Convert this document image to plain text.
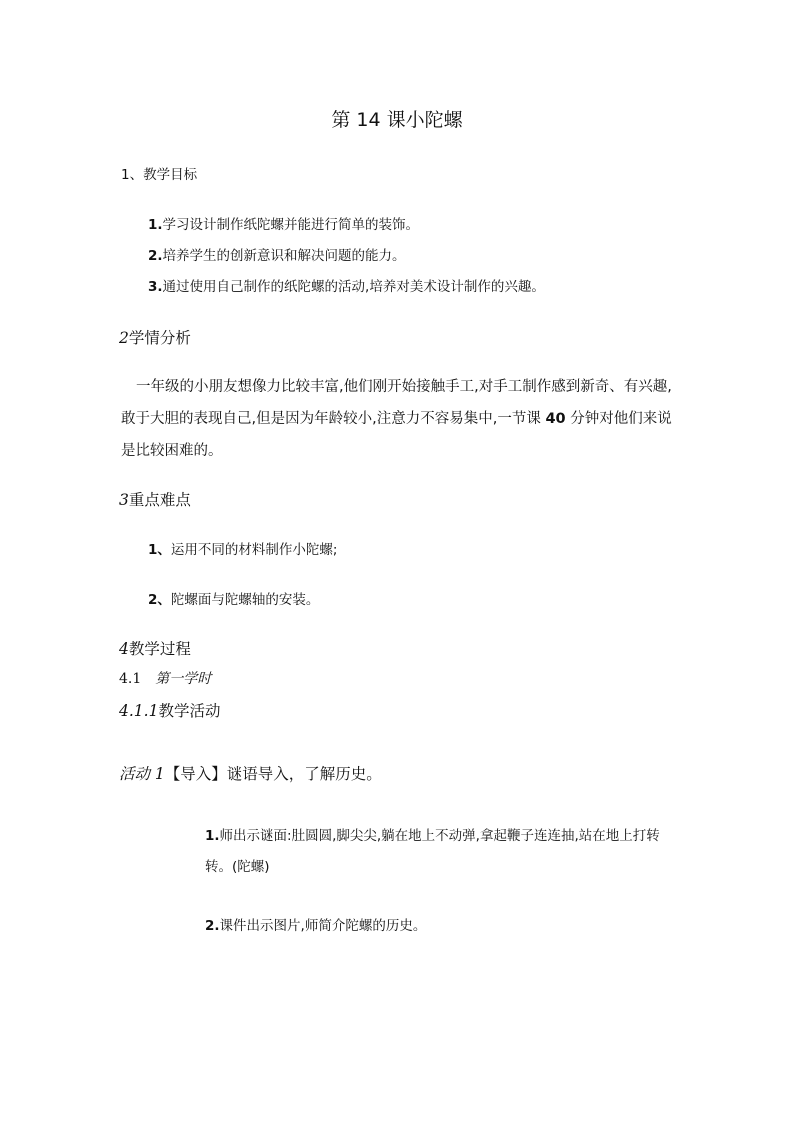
第 14 课小陀螺
1、教学目标
1.学习设计制作纸陀螺并能进行简单的装饰。
2.培养学生的创新意识和解决问题的能力。
3.通过使用自己制作的纸陀螺的活动,培养对美术设计制作的兴趣。
2学情分析
一年级的小朋友想像力比较丰富,他们刚开始接触手工,对手工制作感到新奇、有兴趣,敢于大胆的表现自己,但是因为年龄较小,注意力不容易集中,一节课 40 分钟对他们来说是比较困难的。
3重点难点
1、运用不同的材料制作小陀螺;
2、陀螺面与陀螺轴的安装。
4教学过程
4.1 第一学时
4.1.1教学活动
活动 1【导入】谜语导入，了解历史。
1.师出示谜面:肚圆圆,脚尖尖,躺在地上不动弹,拿起鞭子连连抽,站在地上打转
转。(陀螺)
2.课件出示图片,师简介陀螺的历史。
